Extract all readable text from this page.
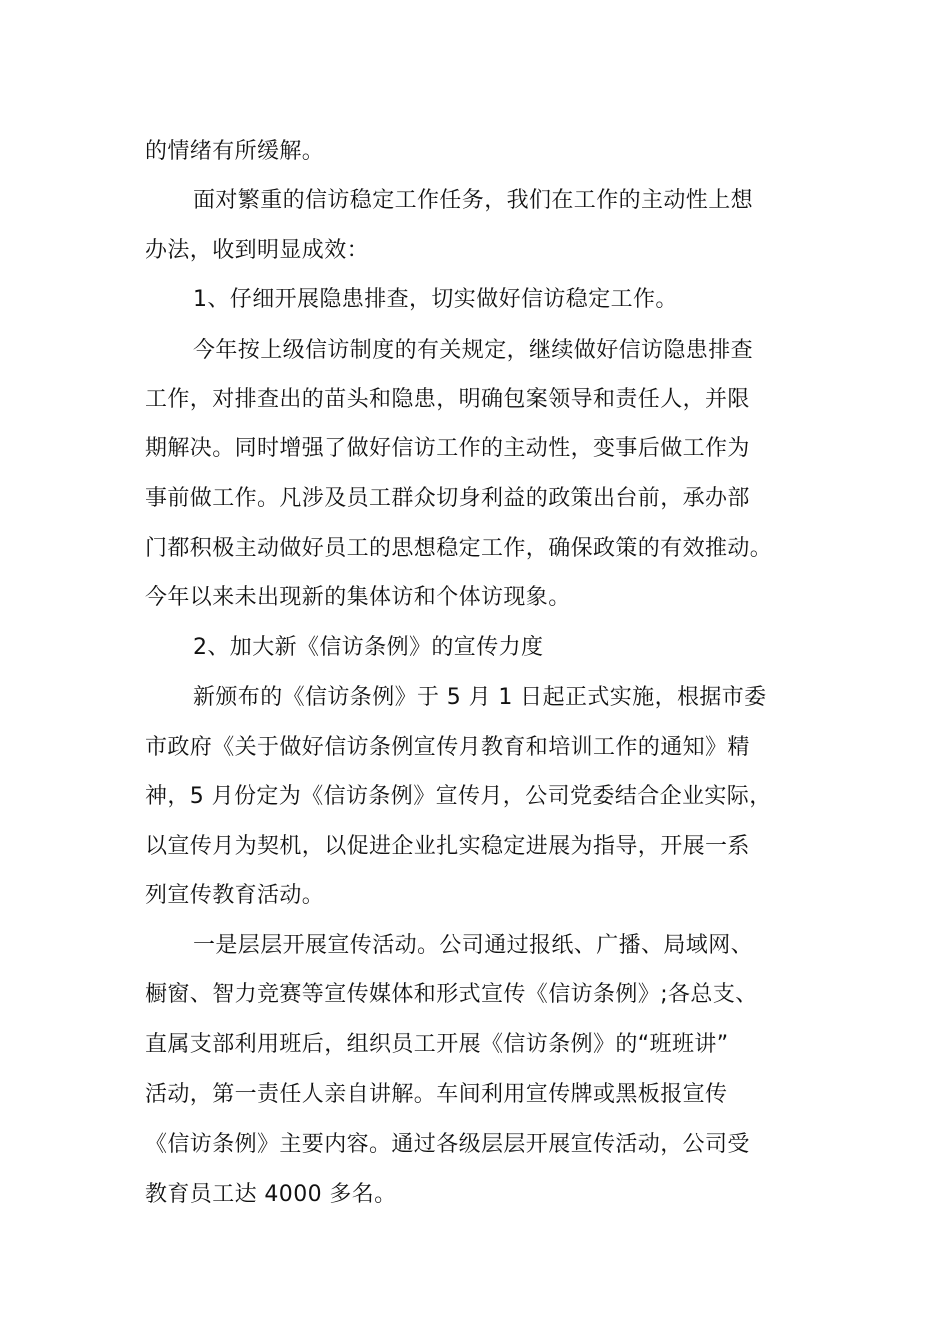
的情绪有所缓解。
面对繁重的信访稳定工作任务，我们在工作的主动性上想
办法，收到明显成效：
1、仔细开展隐患排查，切实做好信访稳定工作。
今年按上级信访制度的有关规定，继续做好信访隐患排查
工作，对排查出的苗头和隐患，明确包案领导和责任人，并限
期解决。同时增强了做好信访工作的主动性，变事后做工作为
事前做工作。凡涉及员工群众切身利益的政策出台前，承办部
门都积极主动做好员工的思想稳定工作，确保政策的有效推动。
今年以来未出现新的集体访和个体访现象。
2、加大新《信访条例》的宣传力度
新颁布的《信访条例》于 5 月 1 日起正式实施，根据市委
市政府《关于做好信访条例宣传月教育和培训工作的通知》精
神，5 月份定为《信访条例》宣传月，公司党委结合企业实际，
以宣传月为契机，以促进企业扎实稳定进展为指导，开展一系
列宣传教育活动。
一是层层开展宣传活动。公司通过报纸、广播、局域网、
橱窗、智力竞赛等宣传媒体和形式宣传《信访条例》;各总支、
直属支部利用班后，组织员工开展《信访条例》的“班班讲”
活动，第一责任人亲自讲解。车间利用宣传牌或黑板报宣传
《信访条例》主要内容。通过各级层层开展宣传活动，公司受
教育员工达 4000 多名。
